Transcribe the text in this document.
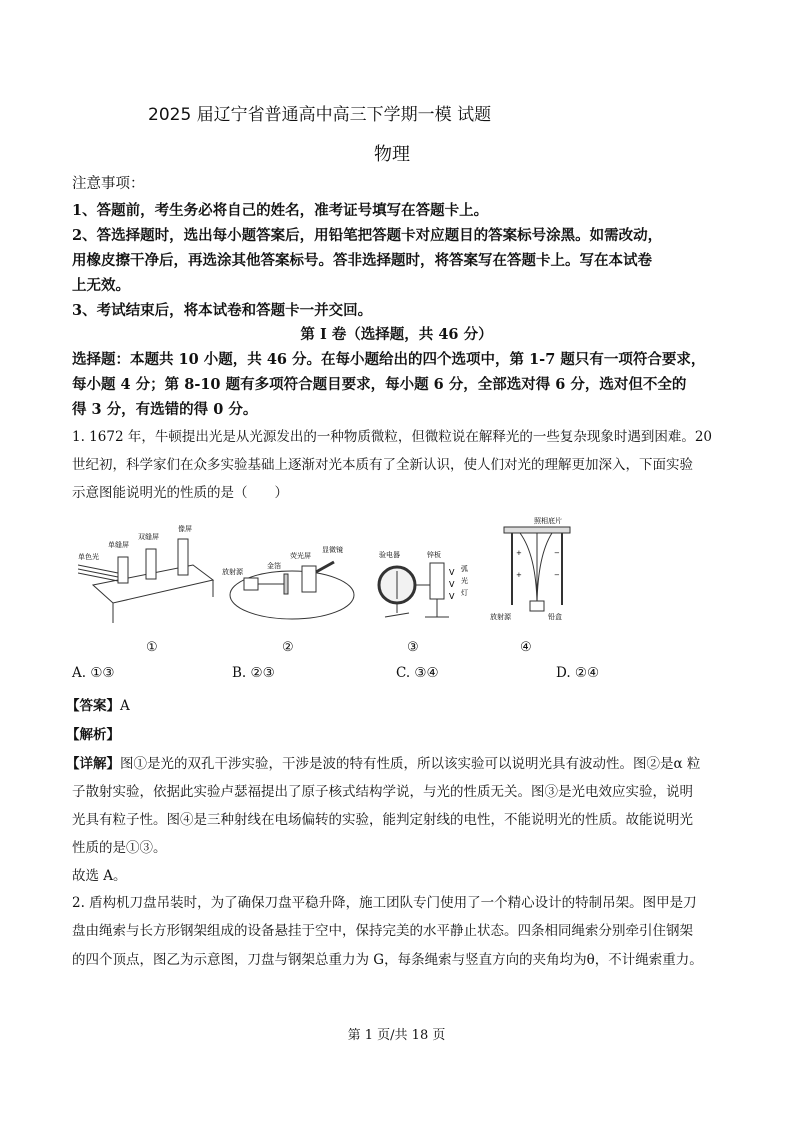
2025 届辽宁省普通高中高三下学期一模 试题
物理
注意事项：
1、答题前，考生务必将自己的姓名，准考证号填写在答题卡上。
2、答选择题时，选出每小题答案后，用铅笔把答题卡对应题目的答案标号涂黑。如需改动，
用橡皮擦干净后，再选涂其他答案标号。答非选择题时，将答案写在答题卡上。写在本试卷
上无效。
3、考试结束后，将本试卷和答题卡一并交回。
第 I 卷（选择题，共 46 分）
选择题：本题共 10 小题，共 46 分。在每小题给出的四个选项中，第 1-7 题只有一项符合要求，
每小题 4 分；第 8-10 题有多项符合题目要求，每小题 6 分，全部选对得 6 分，选对但不全的
得 3 分，有选错的得 0 分。
1. 1672 年，牛顿提出光是从光源发出的一种物质微粒，但微粒说在解释光的一些复杂现象时遇到困难。20
世纪初，科学家们在众多实验基础上逐渐对光本质有了全新认识，使人们对光的理解更加深入，下面实验
示意图能说明光的性质的是（　　）
单色光
单缝屏
双缝屏
像屏
放射源
金箔
荧光屏
显微镜
V
V
V
验电器	锌板
弧
光
灯
+
+
−
−
照相底片
放射源	铅盒
①	②	③	④
A. ①③	B. ②③	C. ③④	D. ②④
【答案】A
【解析】
【详解】图①是光的双孔干涉实验，干涉是波的特有性质，所以该实验可以说明光具有波动性。图②是α 粒
子散射实验，依据此实验卢瑟福提出了原子核式结构学说，与光的性质无关。图③是光电效应实验，说明
光具有粒子性。图④是三种射线在电场偏转的实验，能判定射线的电性，不能说明光的性质。故能说明光
性质的是①③。
故选 A。
2. 盾构机刀盘吊装时，为了确保刀盘平稳升降，施工团队专门使用了一个精心设计的特制吊架。图甲是刀
盘由绳索与长方形钢架组成的设备悬挂于空中，保持完美的水平静止状态。四条相同绳索分别牵引住钢架
的四个顶点，图乙为示意图，刀盘与钢架总重力为 G，每条绳索与竖直方向的夹角均为θ，不计绳索重力。
第 1 页/共 18 页
